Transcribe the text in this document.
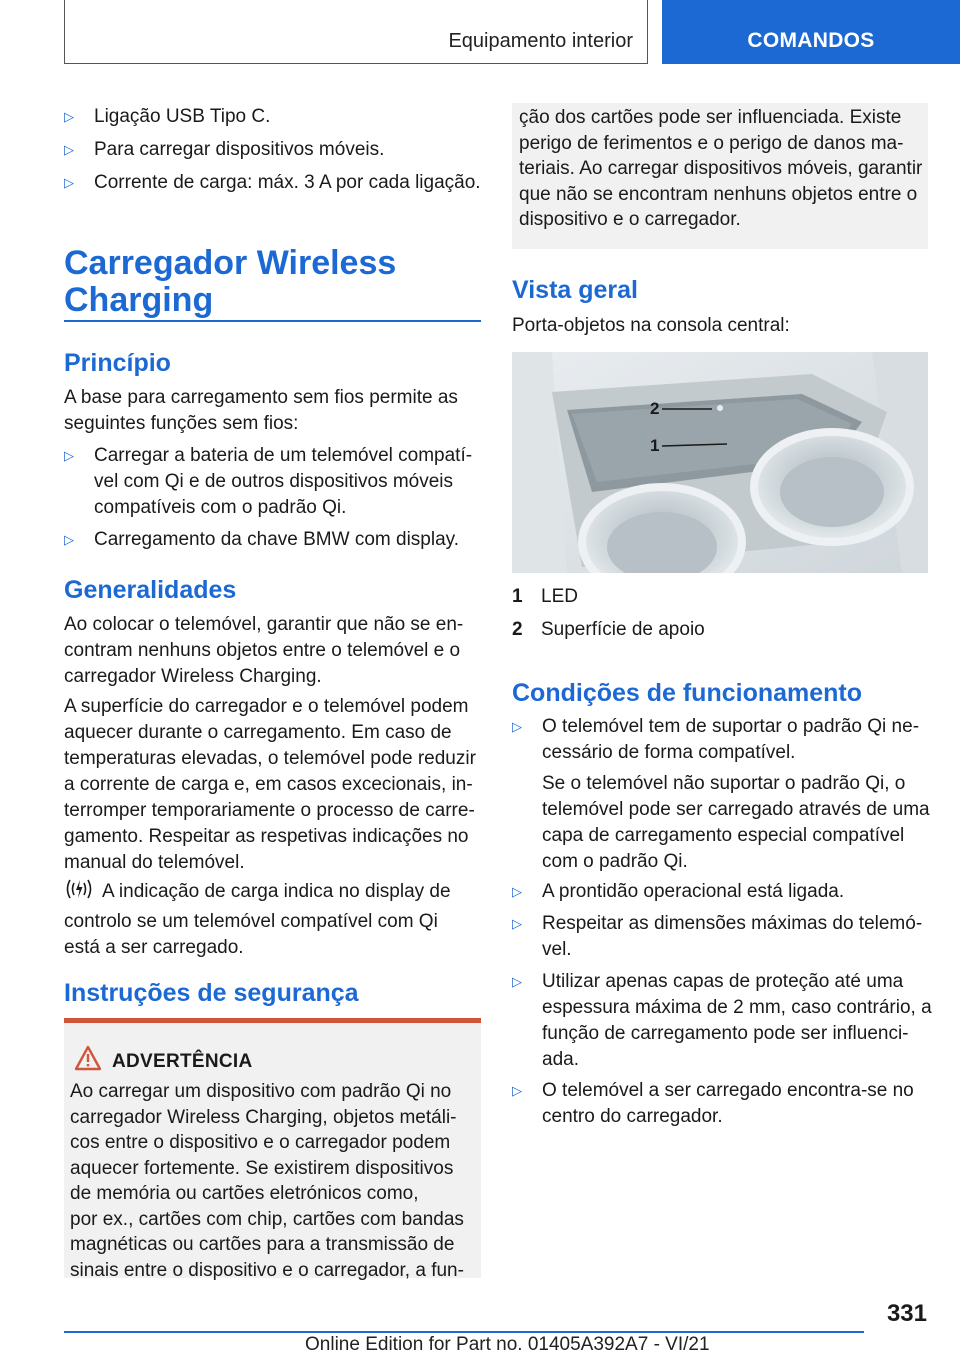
Equipamento interior	COMANDOS
▷ Ligação USB Tipo C.
▷ Para carregar dispositivos móveis.
▷ Corrente de carga: máx. 3 A por cada ligação.
Carregador Wireless
Charging
Princípio

A base para carregamento sem fios permite as
seguintes funções sem fios:

▷ Carregar a bateria de um telemóvel compatí-
vel com Qi e de outros dispositivos móveis
compatíveis com o padrão Qi.
▷ Carregamento da chave BMW com display.
Generalidades

Ao colocar o telemóvel, garantir que não se en-
contram nenhuns objetos entre o telemóvel e o
carregador Wireless Charging.

A superfície do carregador e o telemóvel podem
aquecer durante o carregamento. Em caso de
temperaturas elevadas, o telemóvel pode reduzir
a corrente de carga e, em casos excecionais, in-
terromper temporariamente o processo de carre-
gamento. Respeitar as respetivas indicações no
manual do telemóvel.

A indicação de carga indica no display de
controlo se um telemóvel compatível com Qi
está a ser carregado.

Instruções de segurança
ADVERTÊNCIA

Ao carregar um dispositivo com padrão Qi no
carregador Wireless Charging, objetos metáli-
cos entre o dispositivo e o carregador podem
aquecer fortemente. Se existirem dispositivos
de memória ou cartões eletrónicos como,
por ex., cartões com chip, cartões com bandas
magnéticas ou cartões para a transmissão de
sinais entre o dispositivo e o carregador, a fun-

ção dos cartões pode ser influenciada. Existe
perigo de ferimentos e o perigo de danos ma-
teriais. Ao carregar dispositivos móveis, garantir
que não se encontram nenhuns objetos entre o
dispositivo e o carregador.

Vista geral

Porta-objetos na consola central:

2
1
1 LED
2 Superfície de apoio
Condições de funcionamento
▷ O telemóvel tem de suportar o padrão Qi ne-
cessário de forma compatível.

Se o telemóvel não suportar o padrão Qi, o
telemóvel pode ser carregado através de uma
capa de carregamento especial compatível
com o padrão Qi.

▷ A prontidão operacional está ligada.
▷ Respeitar as dimensões máximas do telemó-
vel.
▷ Utilizar apenas capas de proteção até uma
espessura máxima de 2 mm, caso contrário, a
função de carregamento pode ser influenci-
ada.
▷ O telemóvel a ser carregado encontra-se no
centro do carregador.
331
Online Edition for Part no. 01405A392A7 - VI/21
